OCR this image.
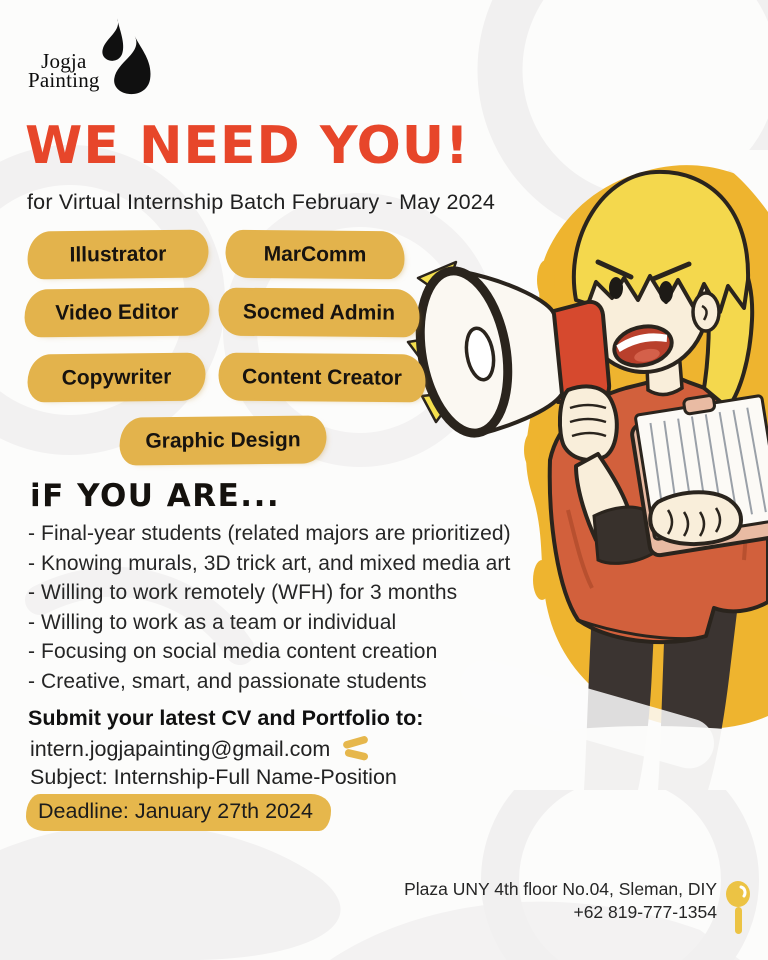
Jogja
Painting
WE NEED YOU!
for Virtual Internship Batch February - May 2024
Illustrator	MarComm
Video Editor	Socmed Admin
Copywriter	Content Creator
Graphic Design
iF YOU ARE...
- Final-year students (related majors are prioritized)
- Knowing murals, 3D trick art, and mixed media art
- Willing to work remotely (WFH) for 3 months
- Willing to work as a team or individual
- Focusing on social media content creation
- Creative, smart, and passionate students
Submit your latest CV and Portfolio to:
intern.jogjapainting@gmail.com
Subject: Internship-Full Name-Position
Deadline: January 27th 2024
Plaza UNY 4th floor No.04, Sleman, DIY
+62 819-777-1354
